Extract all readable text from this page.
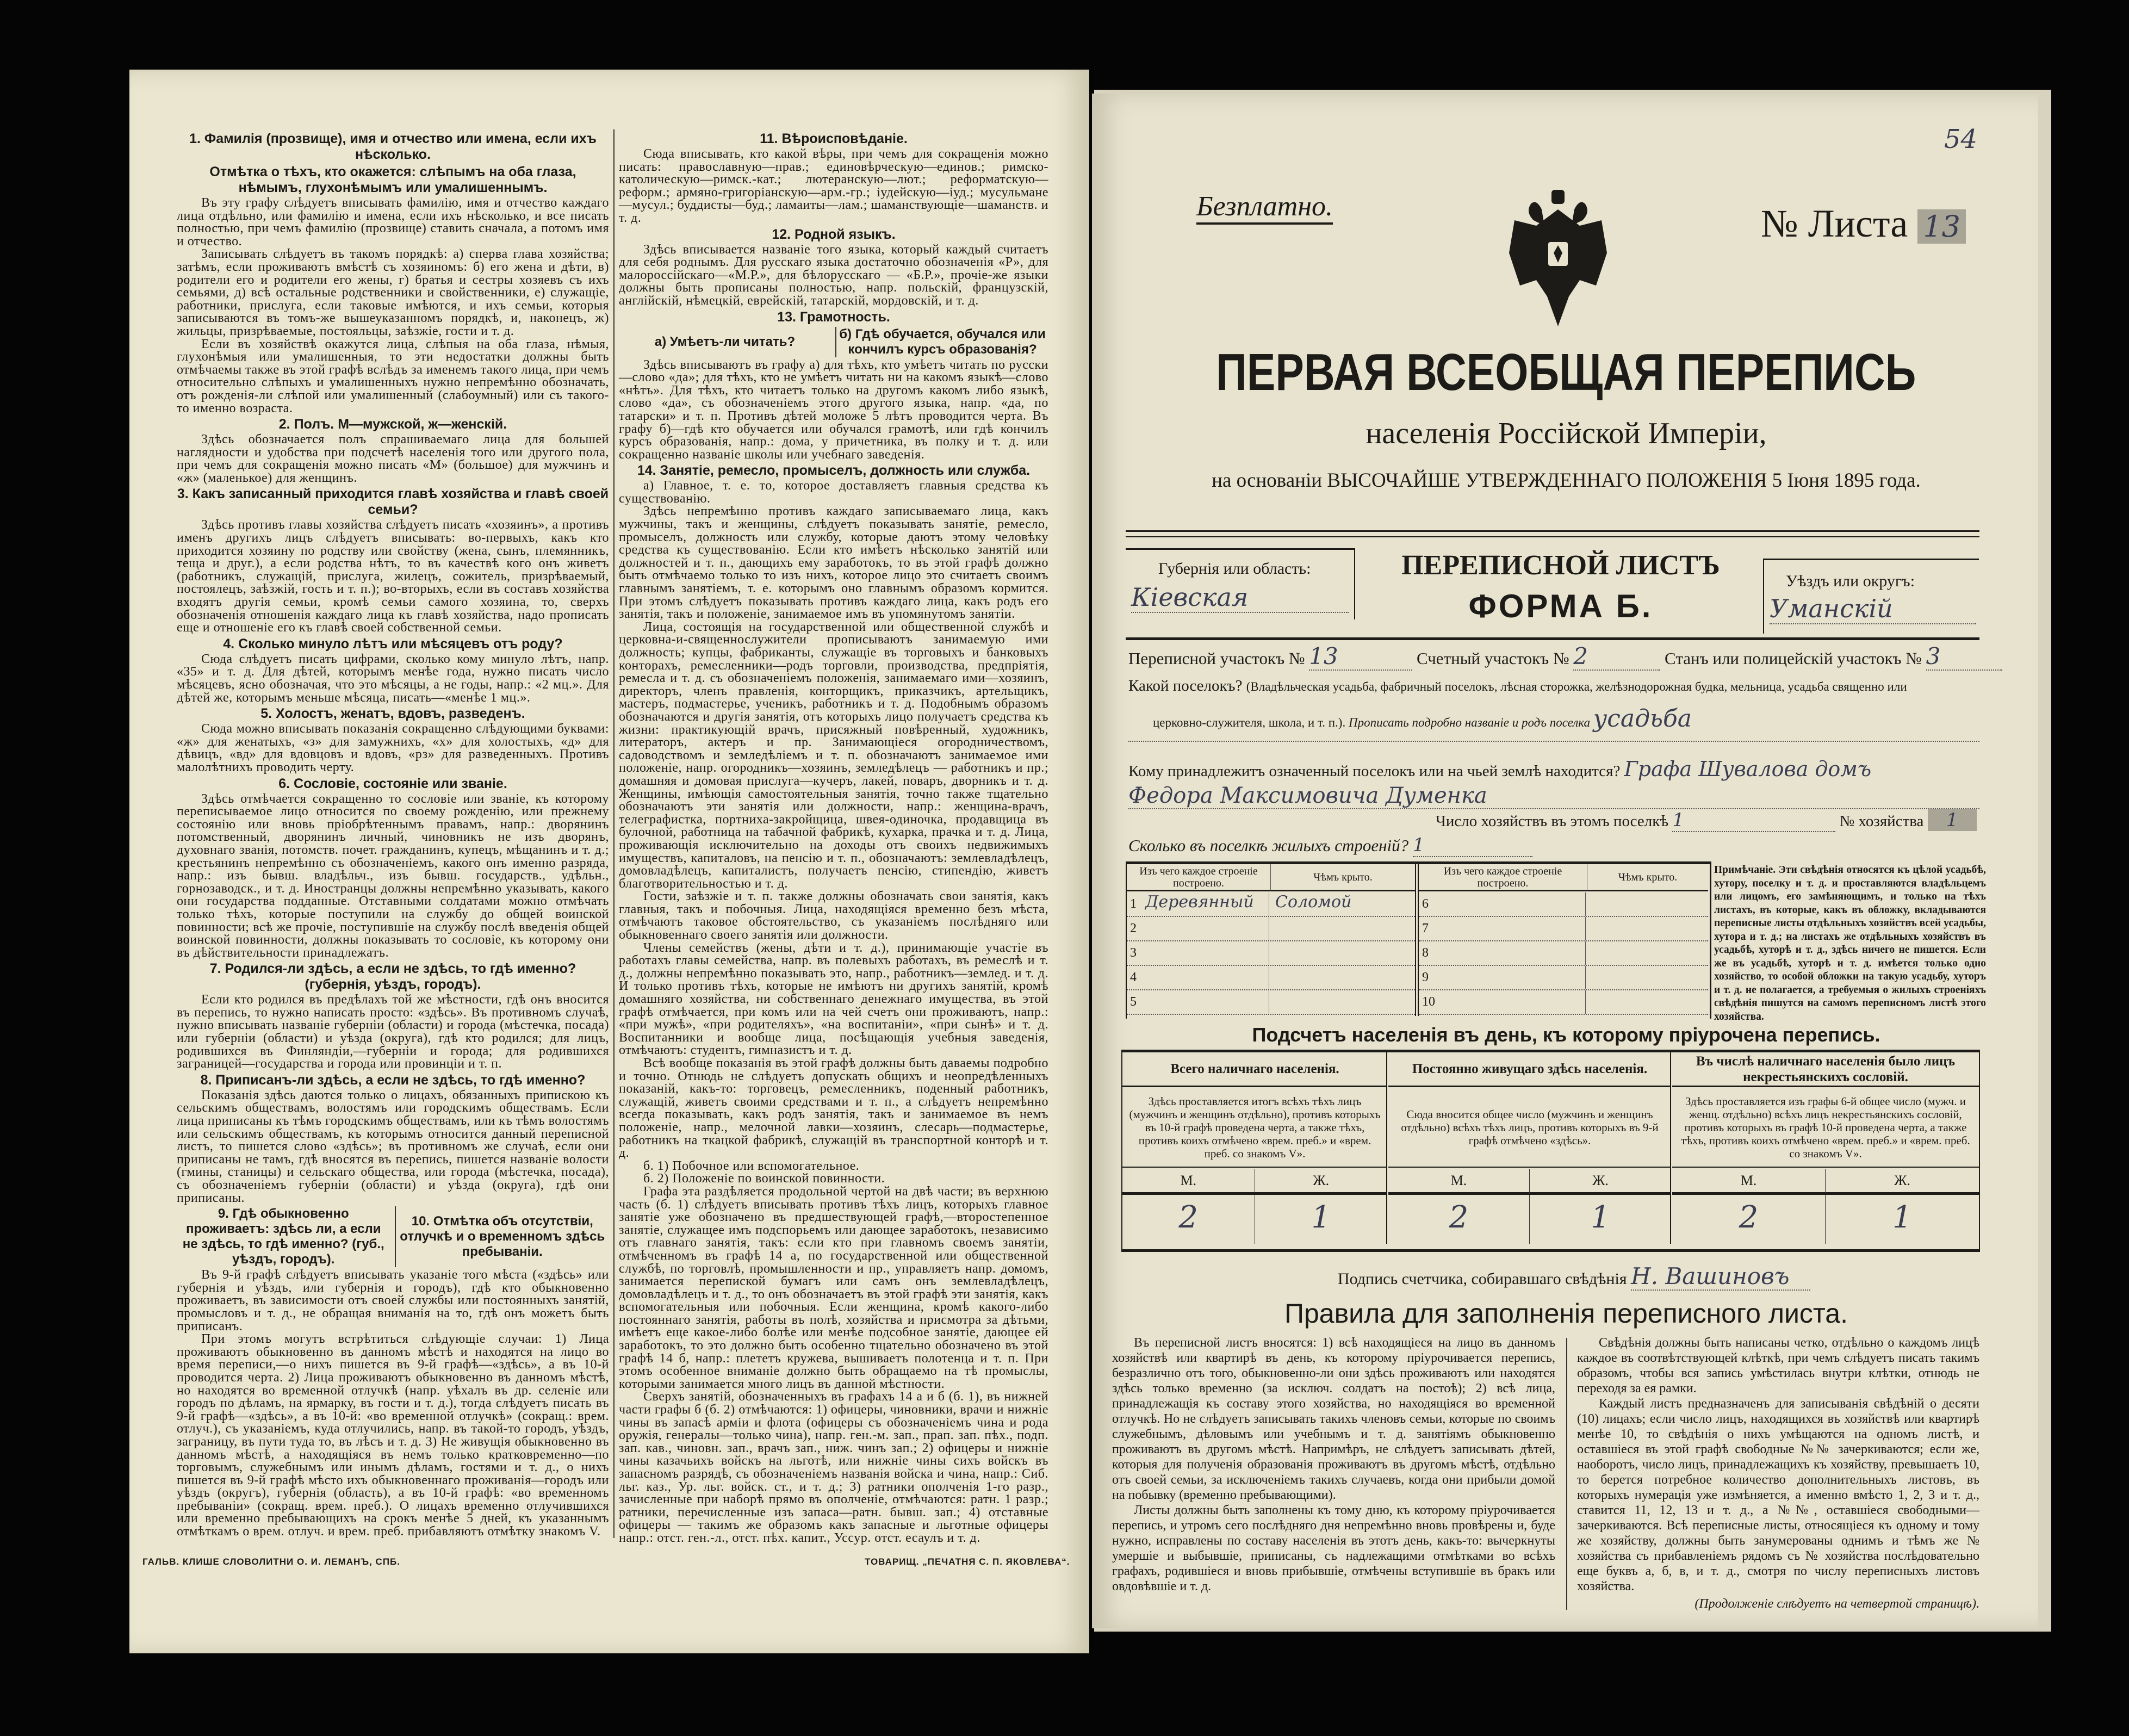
1. Фамилія (прозвище), имя и отчество или имена, если ихъ нѣсколько.
Отмѣтка о тѣхъ, кто окажется: слѣпымъ на оба глаза, нѣмымъ, глухонѣмымъ или умалишеннымъ.

Въ эту графу слѣдуетъ вписывать фамилію, имя и отчество каждаго лица отдѣльно, или фамилію и имена, если ихъ нѣсколько, и все писать полностью, при чемъ фамилію (прозвище) ставить сначала, а потомъ имя и отчество.

Записывать слѣдуетъ въ такомъ порядкѣ: а) сперва глава хозяйства; затѣмъ, если проживаютъ вмѣстѣ съ хозяиномъ: б) его жена и дѣти, в) родители его и родители его жены, г) братья и сестры хозяевъ съ ихъ семьями, д) всѣ остальные родственники и свойственники, е) служащіе, работники, прислуга, если таковые имѣются, и ихъ семьи, которыя записываются въ томъ-же вышеуказанномъ порядкѣ, и, наконецъ, ж) жильцы, призрѣваемые, постояльцы, заѣзжіе, гости и т. д.

Если въ хозяйствѣ окажутся лица, слѣпыя на оба глаза, нѣмыя, глухонѣмыя или умалишенныя, то эти недостатки должны быть отмѣчаемы также въ этой графѣ вслѣдъ за именемъ такого лица, при чемъ относительно слѣпыхъ и умалишенныхъ нужно непремѣнно обозначать, отъ рожденія-ли слѣпой или умалишенный (слабоумный) или съ такого-то именно возраста.

2. Полъ. М—мужской, ж—женскій.

Здѣсь обозначается полъ спрашиваемаго лица для большей наглядности и удобства при подсчетѣ населенія того или другого пола, при чемъ для сокращенія можно писать «М» (большое) для мужчинъ и «ж» (маленькое) для женщинъ.

3. Какъ записанный приходится главѣ хозяйства и главѣ своей семьи?

Здѣсь противъ главы хозяйства слѣдуетъ писать «хозяинъ», а противъ именъ другихъ лицъ слѣдуетъ вписывать: во-первыхъ, какъ кто приходится хозяину по родству или свойству (жена, сынъ, племянникъ, теща и друг.), а если родства нѣтъ, то въ качествѣ кого онъ живетъ (работникъ, служащій, прислуга, жилецъ, сожитель, призрѣваемый, постоялецъ, заѣзжій, гость и т. п.); во-вторыхъ, если въ составъ хозяйства входятъ другія семьи, кромѣ семьи самого хозяина, то, сверхъ обозначенія отношенія каждаго лица къ главѣ хозяйства, надо прописать еще и отношеніе его къ главѣ своей собственной семьи.

4. Сколько минуло лѣтъ или мѣсяцевъ отъ роду?

Сюда слѣдуетъ писать цифрами, сколько кому минуло лѣтъ, напр. «35» и т. д. Для дѣтей, которымъ менѣе года, нужно писать число мѣсяцевъ, ясно обозначая, что это мѣсяцы, а не годы, напр.: «2 мц.». Для дѣтей же, которымъ меньше мѣсяца, писать—«менѣе 1 мц.».

5. Холостъ, женатъ, вдовъ, разведенъ.

Сюда можно вписывать показанія сокращенно слѣдующими буквами: «ж» для женатыхъ, «з» для замужнихъ, «х» для холостыхъ, «д» для дѣвицъ, «вд» для вдовцовъ и вдовъ, «рз» для разведенныхъ. Противъ малолѣтнихъ проводить черту.

6. Сословіе, состояніе или званіе.

Здѣсь отмѣчается сокращенно то сословіе или званіе, къ которому переписываемое лицо относится по своему рожденію, или прежнему состоянію или вновь пріобрѣтеннымъ правамъ, напр.: дворянинъ потомственный, дворянинъ личный, чиновникъ не изъ дворянъ, духовнаго званія, потомств. почет. гражданинъ, купецъ, мѣщанинъ и т. д.; крестьянинъ непремѣнно съ обозначеніемъ, какого онъ именно разряда, напр.: изъ бывш. владѣльч., изъ бывш. государств., удѣльн., горнозаводск., и т. д. Иностранцы должны непремѣнно указывать, какого они государства подданные. Отставными солдатами можно отмѣчать только тѣхъ, которые поступили на службу до общей воинской повинности; всѣ же прочіе, поступившіе на службу послѣ введенія общей воинской повинности, должны показывать то сословіе, къ которому они въ дѣйствительности принадлежатъ.

7. Родился-ли здѣсь, а если не здѣсь, то гдѣ именно? (губернія, уѣздъ, городъ).

Если кто родился въ предѣлахъ той же мѣстности, гдѣ онъ вносится въ перепись, то нужно написать просто: «здѣсь». Въ противномъ случаѣ, нужно вписывать названіе губерніи (области) и города (мѣстечка, посада) или губерніи (области) и уѣзда (округа), гдѣ кто родился; для лицъ, родившихся въ Финляндіи,—губерніи и города; для родившихся заграницей—государства и города или провинціи и т. п.

8. Приписанъ-ли здѣсь, а если не здѣсь, то гдѣ именно?

Показанія здѣсь даются только о лицахъ, обязанныхъ припискою къ сельскимъ обществамъ, волостямъ или городскимъ обществамъ. Если лица приписаны къ тѣмъ городскимъ обществамъ, или къ тѣмъ волостямъ или сельскимъ обществамъ, къ которымъ относится данный переписной листъ, то пишется слово «здѣсь»; въ противномъ же случаѣ, если они приписаны не тамъ, гдѣ вносятся въ перепись, пишется названіе волости (гмины, станицы) и сельскаго общества, или города (мѣстечка, посада), съ обозначеніемъ губерніи (области) и уѣзда (округа), гдѣ они приписаны.

9. Гдѣ обыкновенно проживаетъ: здѣсь ли, а если не здѣсь, то гдѣ именно? (губ., уѣздъ, городъ).
10. Отмѣтка объ отсутствіи, отлучкѣ и о временномъ здѣсь пребываніи.

Въ 9-й графѣ слѣдуетъ вписывать указаніе того мѣста («здѣсь» или губернія и уѣздъ, или губернія и городъ), гдѣ кто обыкновенно проживаетъ, въ зависимости отъ своей службы или постоянныхъ занятій, промысловъ и т. д., не обращая вниманія на то, гдѣ онъ можетъ быть приписанъ.

При этомъ могутъ встрѣтиться слѣдующіе случаи: 1) Лица проживаютъ обыкновенно въ данномъ мѣстѣ и находятся на лицо во время переписи,—о нихъ пишется въ 9-й графѣ—«здѣсь», а въ 10-й проводится черта. 2) Лица проживаютъ обыкновенно въ данномъ мѣстѣ, но находятся во временной отлучкѣ (напр. уѣхалъ въ др. селеніе или городъ по дѣламъ, на ярмарку, въ гости и т. д.), тогда слѣдуетъ писать въ 9-й графѣ—«здѣсь», а въ 10-й: «во временной отлучкѣ» (сокращ.: врем. отлуч.), съ указаніемъ, куда отлучились, напр. въ такой-то городъ, уѣздъ, заграницу, въ пути туда то, въ лѣсъ и т. д. 3) Не живущія обыкновенно въ данномъ мѣстѣ, а находящіяся въ немъ только кратковременно—по торговымъ, служебнымъ или инымъ дѣламъ, гостями и т. д., о нихъ пишется въ 9-й графѣ мѣсто ихъ обыкновеннаго проживанія—городъ или уѣздъ (округъ), губернія (область), а въ 10-й графѣ: «во временномъ пребываніи» (сокращ. врем. преб.). О лицахъ временно отлучившихся или временно пребывающихъ на срокъ менѣе 5 дней, къ указаннымъ отмѣткамъ о врем. отлуч. и врем. преб. прибавляютъ отмѣтку знакомъ V.

11. Вѣроисповѣданіе.

Сюда вписывать, кто какой вѣры, при чемъ для сокращенія можно писать: православную—прав.; единовѣрческую—единов.; римско-католическую—римск.-кат.; лютеранскую—лют.; реформатскую—реформ.; армяно-григоріанскую—арм.-гр.; іудейскую—іуд.; мусульмане—мусул.; буддисты—буд.; ламаиты—лам.; шаманствующіе—шаманств. и т. д.

12. Родной языкъ.

Здѣсь вписывается названіе того языка, который каждый считаетъ для себя роднымъ. Для русскаго языка достаточно обозначенія «Р», для малороссійскаго—«М.Р.», для бѣлорусскаго — «Б.Р.», прочіе-же языки должны быть прописаны полностью, напр. польскій, французскій, англійскій, нѣмецкій, еврейскій, татарскій, мордовскій, и т. д.

13. Грамотность.
а) Умѣетъ-ли читать?
б) Гдѣ обучается, обучался или кончилъ курсъ образованія?

Здѣсь вписываютъ въ графу а) для тѣхъ, кто умѣетъ читать по русски—слово «да»; для тѣхъ, кто не умѣетъ читать ни на какомъ языкѣ—слово «нѣтъ». Для тѣхъ, кто читаетъ только на другомъ какомъ либо языкѣ, слово «да», съ обозначеніемъ этого другого языка, напр. «да, по татарски» и т. п. Противъ дѣтей моложе 5 лѣтъ проводится черта. Въ графу б)—гдѣ кто обучается или обучался грамотѣ, или гдѣ кончилъ курсъ образованія, напр.: дома, у причетника, въ полку и т. д. или сокращенно названіе школы или учебнаго заведенія.

14. Занятіе, ремесло, промыселъ, должность или служба.

а) Главное, т. е. то, которое доставляетъ главныя средства къ существованію.

Здѣсь непремѣнно противъ каждаго записываемаго лица, какъ мужчины, такъ и женщины, слѣдуетъ показывать занятіе, ремесло, промыселъ, должность или службу, которые даютъ этому человѣку средства къ существованію. Если кто имѣетъ нѣсколько занятій или должностей и т. п., дающихъ ему заработокъ, то въ этой графѣ должно быть отмѣчаемо только то изъ нихъ, которое лицо это считаетъ своимъ главнымъ занятіемъ, т. е. которымъ оно главнымъ образомъ кормится. При этомъ слѣдуетъ показывать противъ каждаго лица, какъ родъ его занятія, такъ и положеніе, занимаемое имъ въ упомянутомъ занятіи.

Лица, состоящія на государственной или общественной службѣ и церковна-и-священнослужители прописываютъ занимаемую ими должность; купцы, фабриканты, служащіе въ торговыхъ и банковыхъ конторахъ, ремесленники—родъ торговли, производства, предпріятія, ремесла и т. д. съ обозначеніемъ положенія, занимаемаго ими—хозяинъ, директоръ, членъ правленія, конторщикъ, приказчикъ, артельщикъ, мастеръ, подмастерье, ученикъ, работникъ и т. д. Подобнымъ образомъ обозначаются и другія занятія, отъ которыхъ лицо получаетъ средства къ жизни: практикующій врачъ, присяжный повѣренный, художникъ, литераторъ, актеръ и пр. Занимающіеся огородничествомъ, садоводствомъ и земледѣліемъ и т. п. обозначаютъ занимаемое ими положеніе, напр. огородникъ—хозяинъ, земледѣлецъ — работникъ и пр.; домашняя и домовая прислуга—кучеръ, лакей, поваръ, дворникъ и т. д. Женщины, имѣющія самостоятельныя занятія, точно также тщательно обозначаютъ эти занятія или должности, напр.: женщина-врачъ, телеграфистка, портниха-закройщица, швея-одиночка, продавщица въ булочной, работница на табачной фабрикѣ, кухарка, прачка и т. д. Лица, проживающія исключительно на доходы отъ своихъ недвижимыхъ имуществъ, капиталовъ, на пенсію и т. п., обозначаютъ: землевладѣлецъ, домовладѣлецъ, капиталистъ, получаетъ пенсію, стипендію, живетъ благотворительностью и т. д.

Гости, заѣзжіе и т. п. также должны обозначать свои занятія, какъ главныя, такъ и побочныя. Лица, находящіяся временно безъ мѣста, отмѣчаютъ таковое обстоятельство, съ указаніемъ послѣдняго или обыкновеннаго своего занятія или должности.

Члены семействъ (жены, дѣти и т. д.), принимающіе участіе въ работахъ главы семейства, напр. въ полевыхъ работахъ, въ ремеслѣ и т. д., должны непремѣнно показывать это, напр., работникъ—землед. и т. д. И только противъ тѣхъ, которые не имѣютъ ни другихъ занятій, кромѣ домашняго хозяйства, ни собственнаго денежнаго имущества, въ этой графѣ отмѣчается, при комъ или на чей счетъ они проживаютъ, напр.: «при мужѣ», «при родителяхъ», «на воспитаніи», «при сынѣ» и т. д. Воспитанники и вообще лица, посѣщающія учебныя заведенія, отмѣчаютъ: студентъ, гимназистъ и т. д.

Всѣ вообще показанія въ этой графѣ должны быть даваемы подробно и точно. Отнюдь не слѣдуетъ допускать общихъ и неопредѣленныхъ показаній, какъ-то: торговецъ, ремесленникъ, поденный работникъ, служащій, живетъ своими средствами и т. п., а слѣдуетъ непремѣнно всегда показывать, какъ родъ занятія, такъ и занимаемое въ немъ положеніе, напр., мелочной лавки—хозяинъ, слесарь—подмастерье, работникъ на ткацкой фабрикѣ, служащій въ транспортной конторѣ и т. д.

б. 1) Побочное или вспомогательное.

б. 2) Положеніе по воинской повинности.

Графа эта раздѣляется продольной чертой на двѣ части; въ верхнюю часть (б. 1) слѣдуетъ вписывать противъ тѣхъ лицъ, которыхъ главное занятіе уже обозначено въ предшествующей графѣ,—второстепенное занятіе, служащее имъ подспорьемъ или дающее заработокъ, независимо отъ главнаго занятія, такъ: если кто при главномъ своемъ занятіи, отмѣченномъ въ графѣ 14 а, по государственной или общественной службѣ, по торговлѣ, промышленности и пр., управляетъ напр. домомъ, занимается перепиской бумагъ или самъ онъ землевладѣлецъ, домовладѣлецъ и т. д., то онъ обозначаетъ въ этой графѣ эти занятія, какъ вспомогательныя или побочныя. Если женщина, кромѣ какого-либо постояннаго занятія, работы въ полѣ, хозяйства и присмотра за дѣтьми, имѣетъ еще какое-либо болѣе или менѣе подсобное занятіе, дающее ей заработокъ, то это должно быть особенно тщательно обозначено въ этой графѣ 14 б, напр.: плететъ кружева, вышиваетъ полотенца и т. п. При этомъ особенное вниманіе должно быть обращаемо на тѣ промыслы, которыми занимается много лицъ въ данной мѣстности.

Сверхъ занятій, обозначенныхъ въ графахъ 14 а и б (б. 1), въ нижней части графы б (б. 2) отмѣчаются: 1) офицеры, чиновники, врачи и нижніе чины въ запасѣ арміи и флота (офицеры съ обозначеніемъ чина и рода оружія, генералы—только чина), напр. ген.-м. зап., прап. зап. пѣх., подп. зап. кав., чиновн. зап., врачъ зап., ниж. чинъ зап.; 2) офицеры и нижніе чины казачьихъ войскъ на льготѣ, или нижніе чины сихъ войскъ въ запасномъ разрядѣ, съ обозначеніемъ названія войска и чина, напр.: Сиб. льг. каз., Ур. льг. войск. ст., и т. д.; 3) ратники ополченія 1-го разр., зачисленные при наборѣ прямо въ ополченіе, отмѣчаются: ратн. 1 разр.; ратники, перечисленные изъ запаса—ратн. бывш. зап.; 4) отставные офицеры — такимъ же образомъ какъ запасные и льготные офицеры напр.: отст. ген.-л., отст. пѣх. капит., Уссур. отст. есаулъ и т. д.

ГАЛЬВ. КЛИШЕ СЛОВОЛИТНИ О. И. ЛЕМАНЪ, СПБ.	ТОВАРИЩ. „ПЕЧАТНЯ С. П. ЯКОВЛЕВА“.
54
Безплатно.	№ Листа 13
ПЕРВАЯ ВСЕОБЩАЯ ПЕРЕПИСЬ
населенія Россійской Имперіи,
на основаніи ВЫСОЧАЙШЕ УТВЕРЖДЕННАГО ПОЛОЖЕНІЯ 5 Іюня 1895 года.
Губернія или область:
Кіевская
ПЕРЕПИСНОЙ ЛИСТЪ
ФОРМА Б.
Уѣздъ или округъ:
Уманскій
Переписной участокъ № 13	Счетный участокъ № 2	Станъ или полицейскій участокъ № 3
Какой поселокъ? (Владѣльческая усадьба, фабричный поселокъ, лѣсная сторожка, желѣзнодорожная будка, мельница, усадьба священно или
церковно-служителя, школа, и т. п.). Прописать подробно названіе и родъ поселка усадьба
Кому принадлежитъ означенный поселокъ или на чьей землѣ находится? Графа Шувалова домъ
Федора Максимовича Думенка
Число хозяйствъ въ этомъ поселкѣ 1	№ хозяйства 1
Сколько въ поселкѣ жилыхъ строеній? 1
Изъ чего каждое строеніе построено.	Чѣмъ крыто.
1 Деревянный	Соломой
2
3
4
5
Изъ чего каждое строеніе построено.	Чѣмъ крыто.
6
7
8
9
10
Примѣчаніе. Эти свѣдѣнія относятся къ цѣлой усадьбѣ, хутору, поселку и т. д. и проставляются владѣльцемъ или лицомъ, его замѣняющимъ, и только на тѣхъ листахъ, въ которые, какъ въ обложку, вкладываются переписные листы отдѣльныхъ хозяйствъ всей усадьбы, хутора и т. д.; на листахъ же отдѣльныхъ хозяйствъ въ усадьбѣ, хуторѣ и т. д., здѣсь ничего не пишется. Если же въ усадьбѣ, хуторѣ и т. д. имѣется только одно хозяйство, то особой обложки на такую усадьбу, хуторъ и т. д. не полагается, а требуемыя о жилыхъ строеніяхъ свѣдѣнія пишутся на самомъ переписномъ листѣ этого хозяйства.
Подсчетъ населенія въ день, къ которому пріурочена перепись.
Всего наличнаго населенія.
Здѣсь проставляется итогъ всѣхъ тѣхъ лицъ (мужчинъ и женщинъ отдѣльно), противъ которыхъ въ 10-й графѣ проведена черта, а также тѣхъ, противъ коихъ отмѣчено «врем. преб.» и «врем. преб. со знакомъ V».
М.	Ж.
2	1
Постоянно живущаго здѣсь населенія.
Сюда вносится общее число (мужчинъ и женщинъ отдѣльно) всѣхъ тѣхъ лицъ, противъ которыхъ въ 9-й графѣ отмѣчено «здѣсь».
М.	Ж.
2	1
Въ числѣ наличнаго населенія было лицъ некрестьянскихъ сословій.
Здѣсь проставляется изъ графы 6-й общее число (мужч. и женщ. отдѣльно) всѣхъ лицъ некрестьянскихъ сословій, противъ которыхъ въ графѣ 10-й проведена черта, а также тѣхъ, противъ коихъ отмѣчено «врем. преб.» и «врем. преб. со знакомъ V».
М.	Ж.
2	1
Подпись счетчика, собиравшаго свѣдѣнія Н. Вашиновъ
Правила для заполненія переписного листа.

Въ переписной листъ вносятся: 1) всѣ находящіеся на лицо въ данномъ хозяйствѣ или квартирѣ въ день, къ которому пріурочивается перепись, безразлично отъ того, обыкновенно-ли они здѣсь проживаютъ или находятся здѣсь только временно (за исключ. солдатъ на постоѣ); 2) всѣ лица, принадлежащія къ составу этого хозяйства, но находящіяся во временной отлучкѣ. Но не слѣдуетъ записывать такихъ членовъ семьи, которые по своимъ служебнымъ, дѣловымъ или учебнымъ и т. д. занятіямъ обыкновенно проживаютъ въ другомъ мѣстѣ. Напримѣръ, не слѣдуетъ записывать дѣтей, которыя для полученія образованія проживаютъ въ другомъ мѣстѣ, отдѣльно отъ своей семьи, за исключеніемъ такихъ случаевъ, когда они прибыли домой на побывку (временно пребывающими).

Листы должны быть заполнены къ тому дню, къ которому пріурочивается перепись, и утромъ сего послѣдняго дня непремѣнно вновь провѣрены и, буде нужно, исправлены по составу населенія въ этотъ день, какъ-то: вычеркнуты умершіе и выбывшіе, приписаны, съ надлежащими отмѣтками во всѣхъ графахъ, родившіеся и вновь прибывшіе, отмѣчены вступившіе въ бракъ или овдовѣвшіе и т. д.

Свѣдѣнія должны быть написаны четко, отдѣльно о каждомъ лицѣ каждое въ соотвѣтствующей клѣткѣ, при чемъ слѣдуетъ писать такимъ образомъ, чтобы вся запись умѣстилась внутри клѣтки, отнюдь не переходя за ея рамки.

Каждый листъ предназначенъ для записыванія свѣдѣній о десяти (10) лицахъ; если число лицъ, находящихся въ хозяйствѣ или квартирѣ менѣе 10, то свѣдѣнія о нихъ умѣщаются на одномъ листѣ, и оставшіеся въ этой графѣ свободные №№ зачеркиваются; если же, наоборотъ, число лицъ, принадлежащихъ къ хозяйству, превышаетъ 10, то берется потребное количество дополнительныхъ листовъ, въ которыхъ нумерація уже измѣняется, а именно вмѣсто 1, 2, 3 и т. д., ставится 11, 12, 13 и т. д., а №№, оставшіеся свободными—зачеркиваются. Всѣ переписные листы, относящіеся къ одному и тому же хозяйству, должны быть занумерованы однимъ и тѣмъ же № хозяйства съ прибавленіемъ рядомъ съ № хозяйства послѣдовательно еще буквъ а, б, в, и т. д., смотря по числу переписныхъ листовъ хозяйства.

(Продолженіе слѣдуетъ на четвертой страницѣ).
